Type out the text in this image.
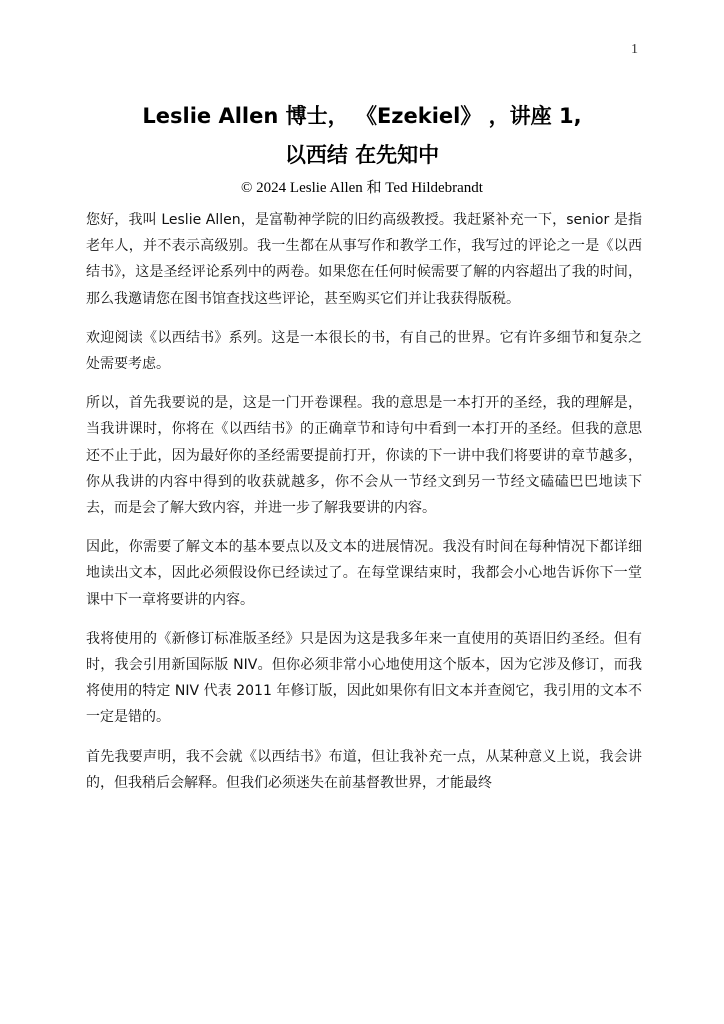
1
Leslie Allen 博士， 《Ezekiel》 ，讲座 1,
以西结 在先知中
© 2024 Leslie Allen 和 Ted Hildebrandt

您好，我叫 Leslie Allen，是富勒神学院的旧约高级教授。我赶紧补充一下，senior 是指老年人，并不表示高级别。我一生都在从事写作和教学工作，我写过的评论之一是《以西结书》，这是圣经评论系列中的两卷。如果您在任何时候需要了解的内容超出了我的时间，那么我邀请您在图书馆查找这些评论，甚至购买它们并让我获得版税。

欢迎阅读《以西结书》系列。这是一本很长的书，有自己的世界。它有许多细节和复杂之处需要考虑。

所以，首先我要说的是，这是一门开卷课程。我的意思是一本打开的圣经，我的理解是，当我讲课时，你将在《以西结书》的正确章节和诗句中看到一本打开的圣经。但我的意思还不止于此，因为最好你的圣经需要提前打开，你读的下一讲中我们将要讲的章节越多，你从我讲的内容中得到的收获就越多，你不会从一节经文到另一节经文磕磕巴巴地读下去，而是会了解大致内容，并进一步了解我要讲的内容。

因此，你需要了解文本的基本要点以及文本的进展情况。我没有时间在每种情况下都详细地读出文本，因此必须假设你已经读过了。在每堂课结束时，我都会小心地告诉你下一堂课中下一章将要讲的内容。

我将使用的《新修订标准版圣经》只是因为这是我多年来一直使用的英语旧约圣经。但有时，我会引用新国际版 NIV。但你必须非常小心地使用这个版本，因为它涉及修订，而我将使用的特定 NIV 代表 2011 年修订版，因此如果你有旧文本并查阅它，我引用的文本不一定是错的。

首先我要声明，我不会就《以西结书》布道，但让我补充一点，从某种意义上说，我会讲的，但我稍后会解释。但我们必须迷失在前基督教世界，才能最终
